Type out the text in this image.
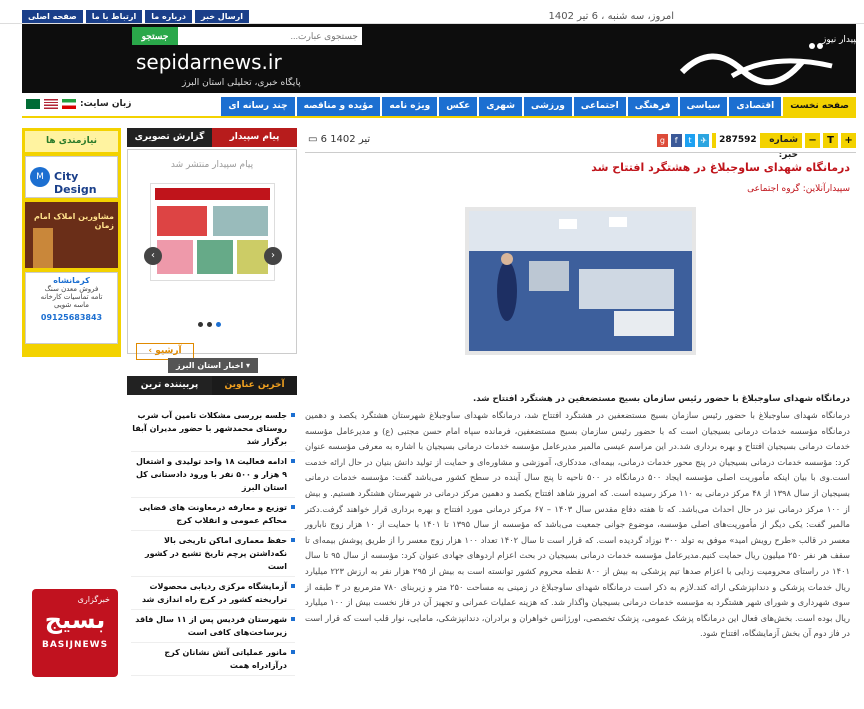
صفحه اصلی	ارتباط با ما	درباره ما	ارسال خبر	امروز، سه شنبه ، 6 تیر 1402
جستجو
جستجوی عبارت...
sepidarnews.ir
پایگاه خبری، تحلیلی استان البرز
سپیدار نیوز
صفحه نخست
اقتصادی
سیاسی
فرهنگی
اجتماعی
ورزشی
شهری
عکس
ویژه نامه
مؤیده و مناقصه
چند رسانه ای
زبان سایت:
+
T
−
شماره خبر:
287592
✈
t
f
g
▭ 6 تیر 1402
درمانگاه شهدای ساوجبلاغ در هشتگرد افتتاح شد
سپیدارآنلاین: گروه اجتماعی
درمانگاه شهدای ساوجبلاغ با حضور رئیس سازمان بسیج مستضعفین در هشتگرد افتتاح شد.
درمانگاه شهدای ساوجبلاغ با حضور رئیس سازمان بسیج مستضعفین در هشتگرد افتتاح شد، درمانگاه شهدای ساوجبلاغ شهرستان هشتگرد یکصد و دهمین درمانگاه مؤسسه خدمات درمانی بسیجیان است که با حضور رئیس سازمان بسیج مستضعفین، فرمانده سپاه امام حسن مجتبی (ع) و مدیرعامل مؤسسه خدمات درمانی بسیجیان افتتاح و بهره برداری شد.در این مراسم عیسی مالمیر مدیرعامل مؤسسه خدمات درمانی بسیجیان با اشاره به معرفی مؤسسه عنوان کرد: مؤسسه خدمات درمانی بسیجیان در پنج محور خدمات درمانی، بیمه‌ای، مددکاری، آموزشی و مشاوره‌ای و حمایت از تولید دانش بنیان در حال ارائه خدمت است.وی با بیان اینکه مأموریت اصلی مؤسسه ایجاد ۵۰۰ درمانگاه در ۵۰۰ ناحیه تا پنج سال آینده در سطح کشور می‌باشد گفت: مؤسسه خدمات درمانی بسیجیان از سال ۱۳۹۸ از ۴۸ مرکز درمانی به ۱۱۰ مرکز رسیده است. که امروز شاهد افتتاح یکصد و دهمین مرکز درمانی در شهرستان هشتگرد هستیم. و بیش از ۱۰۰ مرکز درمانی نیز در حال احداث می‌باشد. که تا هفته دفاع مقدس سال ۱۴۰۳ – ۶۷ مرکز درمانی مورد افتتاح و بهره برداری قرار خواهند گرفت.دکتر مالمیر گفت: یکی دیگر از مأموریت‌های اصلی مؤسسه، موضوع جوانی جمعیت می‌باشد که مؤسسه از سال ۱۳۹۵ تا ۱۴۰۱ با حمایت از ۱۰ هزار زوج نابارور معسر در قالب «طرح رویش امید» موفق به تولد ۳۰۰ نوزاد گردیده است. که قرار است تا سال ۱۴۰۲ تعداد ۱۰۰ هزار زوج معسر را از طریق پوشش بیمه‌ای تا سقف هر نفر ۲۵۰ میلیون ریال حمایت کنیم.مدیرعامل مؤسسه خدمات درمانی بسیجیان در بحث اعزام اردوهای جهادی عنوان کرد: مؤسسه از سال ۹۵ تا سال ۱۴۰۱ در راستای محرومیت زدایی با اعزام صدها تیم پزشکی به بیش از ۸۰۰ نقطه محروم کشور توانسته است به بیش از ۲۹۵ هزار نفر به ارزش ۲۲۳ میلیارد ریال خدمات پزشکی و دندانپزشکی ارائه کند.لازم به ذکر است درمانگاه شهدای ساوجبلاغ در زمینی به مساحت ۲۵۰ متر و زیربنای ۷۸۰ مترمربع در ۳ طبقه از سوی شهرداری و شورای شهر هشتگرد به مؤسسه خدمات درمانی بسیجیان واگذار شد. که هزینه عملیات عمرانی و تجهیز آن در فاز نخست بیش از ۱۰۰ میلیارد ریال بوده است. بخش‌های فعال این درمانگاه پزشک عمومی، پزشک تخصصی، اورژانس خواهران و برادران، دندانپزشکی، مامایی، نوار قلب است که قرار است در فاز دوم آن بخش آزمایشگاه، افتتاح شود.
پیام سپیدار
گزارش تصویری
پیام سپیدار منتشر شد
‹	›
‹ آرشیو
▾ اخبار استان البرز
آخرین عناوین
پربیننده ترین
جلسه بررسی مشکلات تامین آب شرب روستای محمدشهر با حضور مدیران آبفا برگزار شد
ادامه فعالیت ۱۸ واحد تولیدی و اشتغال ۹ هزار و ۵۰۰ نفر با ورود دادستانی کل استان البرز
توزیع و معارفه درمعاونت های قضایی محاکم عمومی و انقلاب کرج
حفظ معماری اماکن تاریخی بالا نکه‌داشتن پرچم تاریخ تشیع در کشور است
آزمایشگاه مرکزی ردیابی محصولات تراریخته کشور در کرج راه اندازی شد
شهرستان فردیس پس از ۱۱ سال فاقد زیرساخت‌های کافی است
مانور عملیاتی آتش نشانان کرج درآزادراه همت
نیازمندی ها
M City Design
مشاورین املاک امام زمان
کرمانشاه
فروش معدن سنگ
تامه تماسیات کارخانه
ماسه شویی
09125683843
خبرگزاری
بسیج
BASIJNEWS
